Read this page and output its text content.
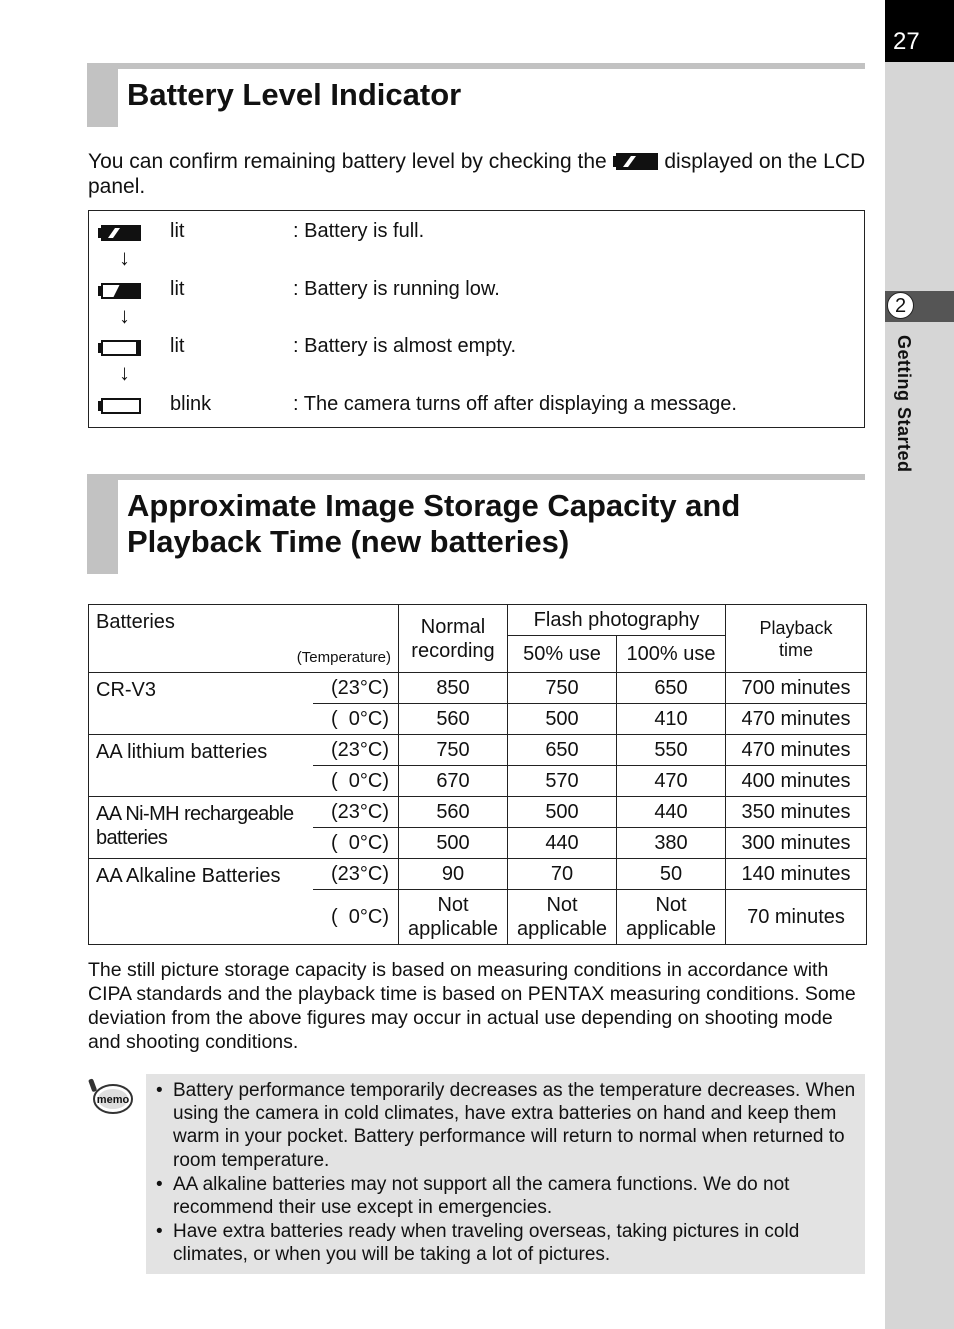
27
2
Getting Started
Battery Level Indicator

You can confirm remaining battery level by checking the	displayed on the LCD panel.

lit	: Battery is full.
↓
lit	: Battery is running low.
↓
lit	: Battery is almost empty.
↓
blink	: The camera turns off after displaying a message.
Approximate Image Storage Capacity and
Playback Time (new batteries)
Batteries
(Temperature)		Normal recording	Flash photography		Playback time
			50% use	100% use	
CR-V3	(23°C)	850	750	650	700 minutes
	(  0°C)	560	500	410	470 minutes
AA lithium batteries	(23°C)	750	650	550	470 minutes
	(  0°C)	670	570	470	400 minutes
AA Ni-MH rechargeable batteries	(23°C)	560	500	440	350 minutes
	(  0°C)	500	440	380	300 minutes
AA Alkaline Batteries	(23°C)	90	70	50	140 minutes
	(  0°C)	Not applicable	Not applicable	Not applicable	70 minutes

The still picture storage capacity is based on measuring conditions in accordance with CIPA standards and the playback time is based on PENTAX measuring conditions. Some deviation from the above figures may occur in actual use depending on shooting mode and shooting conditions.

memo • Battery performance temporarily decreases as the temperature decreases. When using the camera in cold climates, have extra batteries on hand and keep them warm in your pocket. Battery performance will return to normal when returned to room temperature.
• AA alkaline batteries may not support all the camera functions. We do not recommend their use except in emergencies.
• Have extra batteries ready when traveling overseas, taking pictures in cold climates, or when you will be taking a lot of pictures.
